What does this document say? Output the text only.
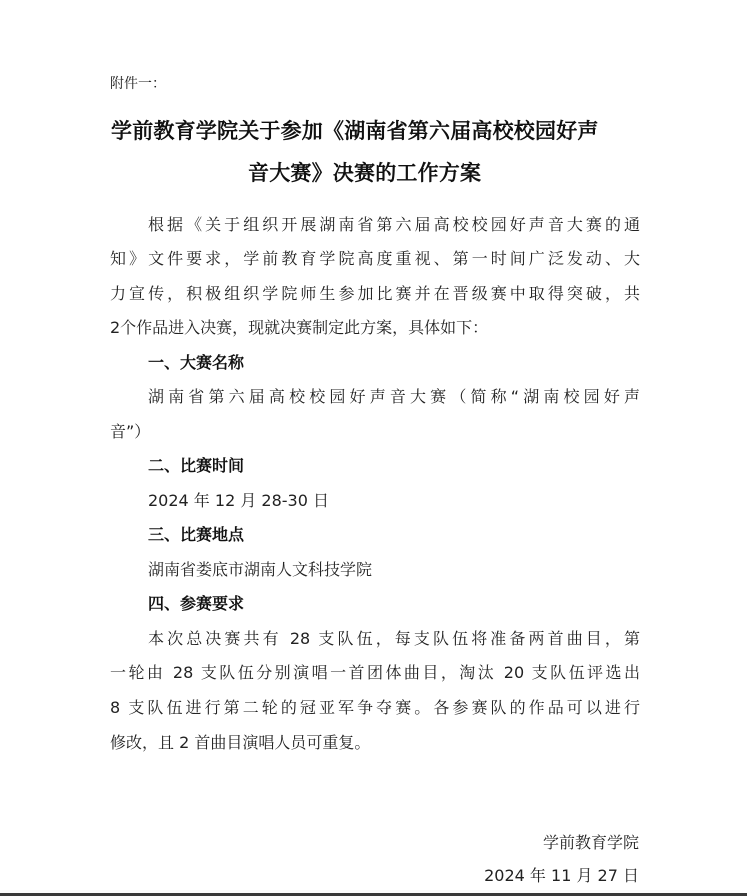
附件一：
学前教育学院关于参加《湖南省第六届高校校园好声
音大赛》决赛的工作方案
根据《关于组织开展湖南省第六届高校校园好声音大赛的通
知》文件要求，学前教育学院高度重视、第一时间广泛发动、大
力宣传，积极组织学院师生参加比赛并在晋级赛中取得突破，共
2个作品进入决赛，现就决赛制定此方案，具体如下：
一、大赛名称
湖南省第六届高校校园好声音大赛（简称“湖南校园好声
音”）
二、比赛时间
2024 年 12 月 28-30 日
三、比赛地点
湖南省娄底市湖南人文科技学院
四、参赛要求
本次总决赛共有 28 支队伍，每支队伍将准备两首曲目，第
一轮由 28 支队伍分别演唱一首团体曲目，淘汰 20 支队伍评选出
8 支队伍进行第二轮的冠亚军争夺赛。各参赛队的作品可以进行
修改，且 2 首曲目演唱人员可重复。
学前教育学院
2024 年 11 月 27 日
